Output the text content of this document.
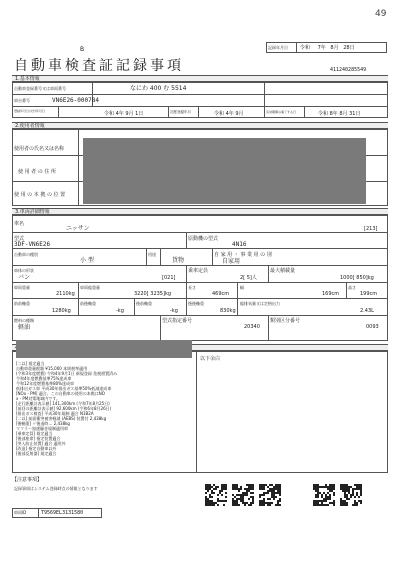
49
B
自動車検査証記録事項
記録年月日 令和 7年 8月 28日
411240285549
1.基本情報
自動車登録番号又は車両番号	なにわ 400 む 5514
車台番号	VN6E26-000784
登録年月日/交付年月日	令和 4年 9月 1日	初度登録年月	令和 4年 9月	有効期間の満了する日	令和 8年 8月 31日
2.使用者情報
使用者の氏名又は名称
使 用 者 の 住 所
使 用 の 本 拠 の 位 置
3.車両詳細情報
車名
ニッサン	[213]
型式
3DF-VN6E26
原動機の型式
4N16
自動車の種別
小 型
用途
貨物
自 家 用 ・ 事 業 用 の 別
自家用
車体の形状
バン	[021]
乗車定員
2[ 5]人
最大積載量
1000[ 850]kg
車両重量
2110kg
車両総重量
3220[ 3235]kg
長さ
469cm
幅
169cm
高さ
199cm
前前軸重
1280kg
前後軸重
-kg
後前軸重
-kg
後後軸重
830kg
総排気量又は定格出力
2.43L
燃料の種類
軽油
型式指定番号
20340
類別区分番号
0093
以下余白
[二以] 規定適当
自動車重量税額 ¥15,000 本則税率適用
(令和3年度燃費) 令和4年9月1日 新規登録 免税措置済み
令和4年度燃費基準75%達成車
令和12年度燃費基準80%達成車
低排出ガス車 平成30年排出ガス基準50%低減達成車
[NOx・PM] 適合。この自動車の使用の本拠はNO
x・PM対策地域内です。
[走行距離計表示値] 141,300km (令和7年8月25日)
[前回の距離計表示値] 92,600km (令和6年8月26日)
[排出ガス検査] 平成30年規制 適合 N1B2A
[二以] 前面衝突被害軽減 (AEBS) 装置付 2,438kg
[後軸重] 〃後退時… 2,438kg
マフラー加速騒音規制適用車
[乗車定員] 規定適当
[後部座席] 指定装置適合
[突入防止装置] 適合 適用外
[改造] 指定自動車以外
[後部反射器] 規定適合
【注意事項】
記録事項はシステム登録時点の情報となります
車両ID	T9569EL3131580
